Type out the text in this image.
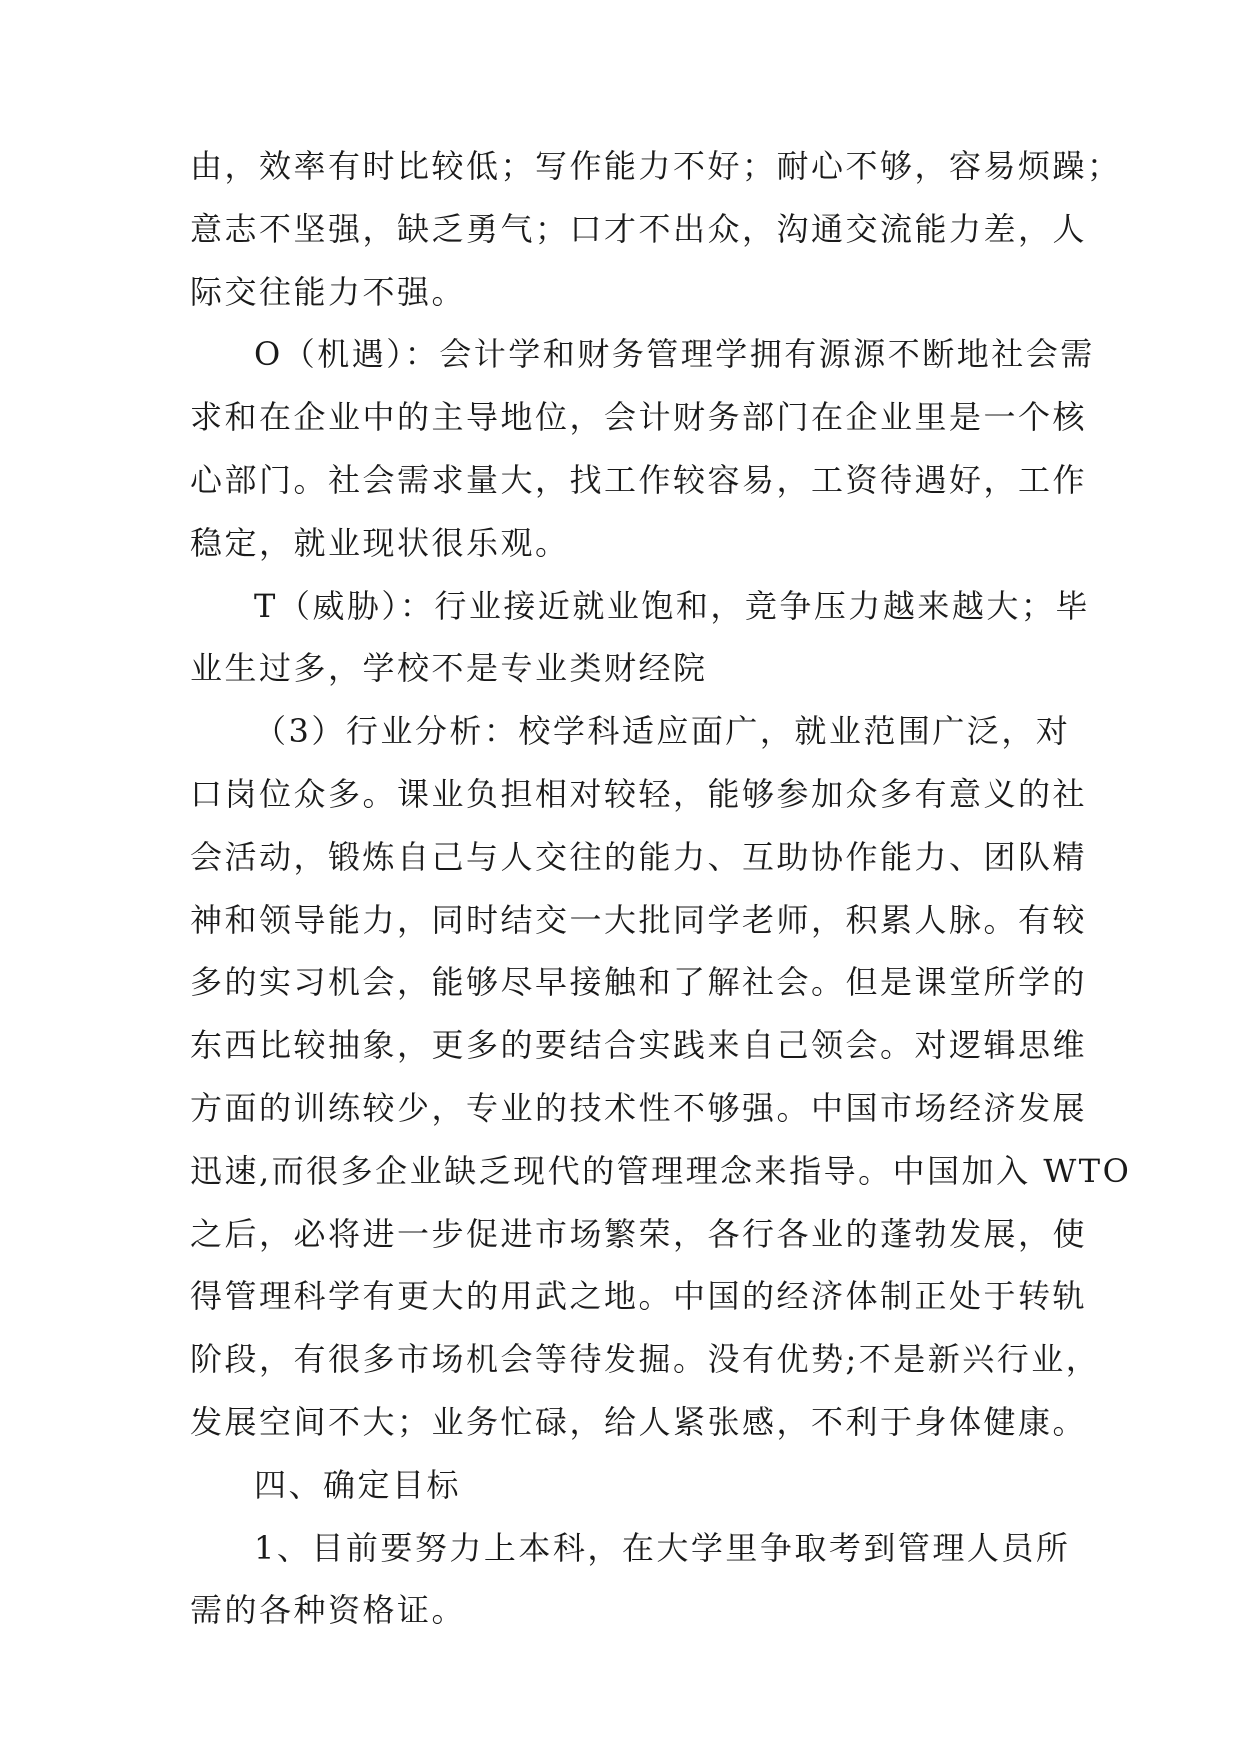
由，效率有时比较低；写作能力不好；耐心不够，容易烦躁；
意志不坚强，缺乏勇气；口才不出众，沟通交流能力差，人
际交往能力不强。
O（机遇）：会计学和财务管理学拥有源源不断地社会需
求和在企业中的主导地位，会计财务部门在企业里是一个核
心部门。社会需求量大，找工作较容易，工资待遇好，工作
稳定，就业现状很乐观。
T（威胁）：行业接近就业饱和，竞争压力越来越大；毕
业生过多，学校不是专业类财经院
（3）行业分析：校学科适应面广，就业范围广泛，对
口岗位众多。课业负担相对较轻，能够参加众多有意义的社
会活动，锻炼自己与人交往的能力、互助协作能力、团队精
神和领导能力，同时结交一大批同学老师，积累人脉。有较
多的实习机会，能够尽早接触和了解社会。但是课堂所学的
东西比较抽象，更多的要结合实践来自己领会。对逻辑思维
方面的训练较少，专业的技术性不够强。中国市场经济发展
迅速,而很多企业缺乏现代的管理理念来指导。中国加入 WTO
之后，必将进一步促进市场繁荣，各行各业的蓬勃发展，使
得管理科学有更大的用武之地。中国的经济体制正处于转轨
阶段，有很多市场机会等待发掘。没有优势;不是新兴行业，
发展空间不大；业务忙碌，给人紧张感，不利于身体健康。
四、确定目标
1、目前要努力上本科，在大学里争取考到管理人员所
需的各种资格证。
